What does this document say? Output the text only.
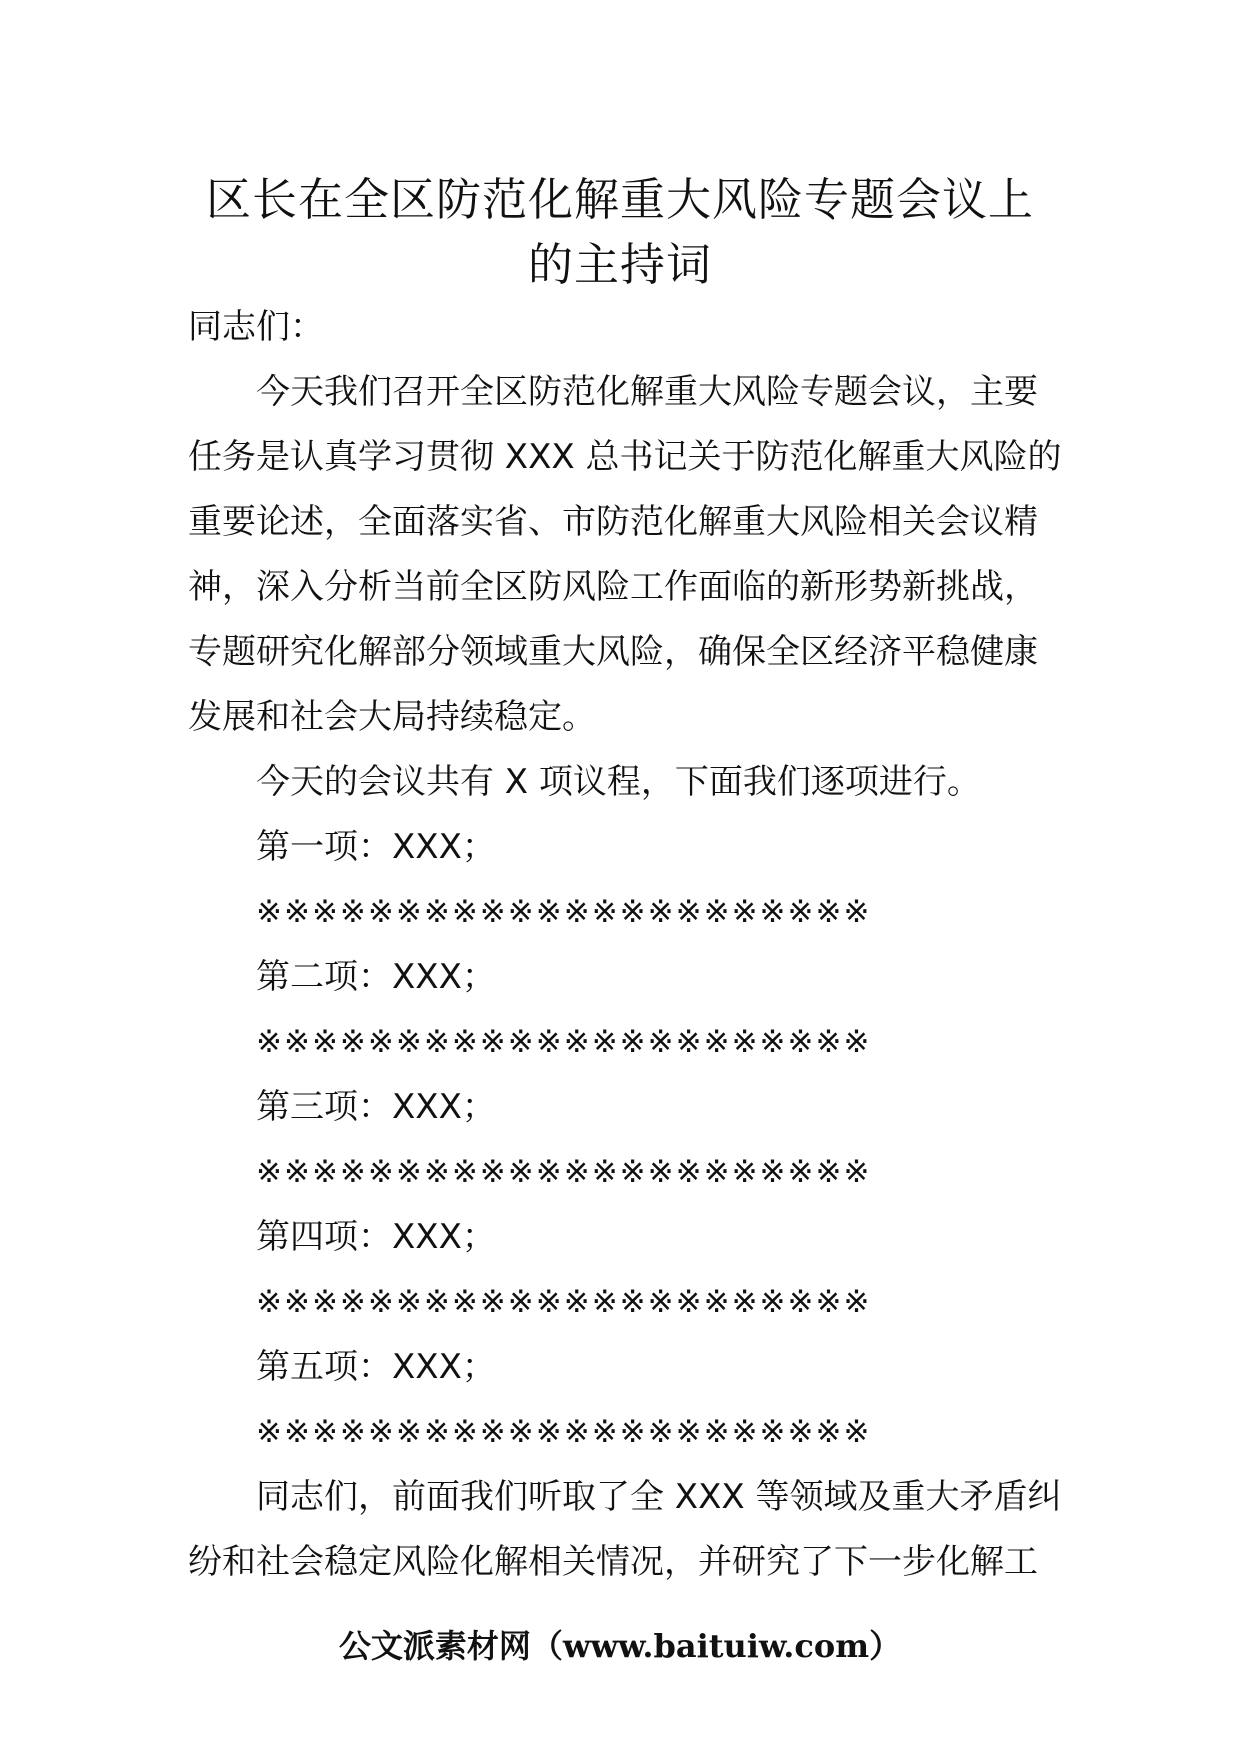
区长在全区防范化解重大风险专题会议上
的主持词

同志们：

今天我们召开全区防范化解重大风险专题会议，主要

任务是认真学习贯彻 XXX 总书记关于防范化解重大风险的

重要论述，全面落实省、市防范化解重大风险相关会议精

神，深入分析当前全区防风险工作面临的新形势新挑战，

专题研究化解部分领域重大风险，确保全区经济平稳健康

发展和社会大局持续稳定。

今天的会议共有 X 项议程，下面我们逐项进行。

第一项：XXX；

※※※※※※※※※※※※※※※※※※※※※※

第二项：XXX；

※※※※※※※※※※※※※※※※※※※※※※

第三项：XXX；

※※※※※※※※※※※※※※※※※※※※※※

第四项：XXX；

※※※※※※※※※※※※※※※※※※※※※※

第五项：XXX；

※※※※※※※※※※※※※※※※※※※※※※

同志们，前面我们听取了全 XXX 等领域及重大矛盾纠

纷和社会稳定风险化解相关情况，并研究了下一步化解工

公文派素材网（www.baituiw.com）
